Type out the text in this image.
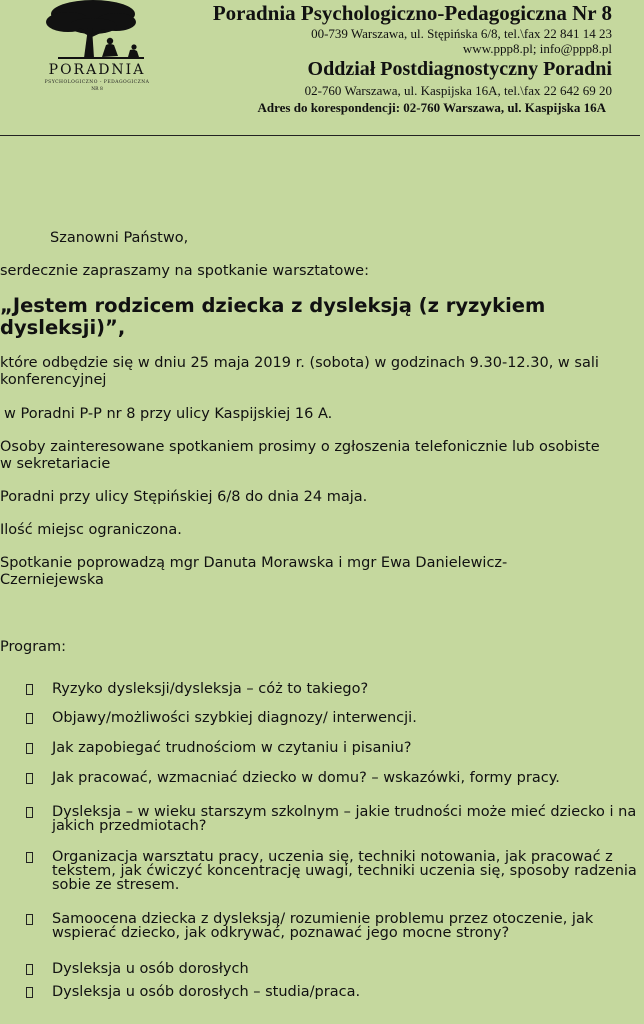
PORADNIA
PSYCHOLOGICZNO - PEDAGOGICZNA
NR 8
Poradnia Psychologiczno-Pedagogiczna Nr 8
00-739 Warszawa, ul. Stępińska 6/8, tel.\fax 22 841 14 23
www.ppp8.pl; info@ppp8.pl
Oddział Postdiagnostyczny Poradni
02-760 Warszawa, ul. Kaspijska 16A, tel.\fax 22 642 69 20
Adres do korespondencji: 02-760 Warszawa, ul. Kaspijska 16A
Szanowni Państwo,
serdecznie zapraszamy na spotkanie warsztatowe:
„Jestem rodzicem dziecka z dysleksją (z ryzykiem dysleksji)”,
które odbędzie się w dniu 25 maja 2019 r. (sobota) w godzinach 9.30-12.30, w sali konferencyjnej
w Poradni P-P nr 8 przy ulicy Kaspijskiej 16 A.
Osoby zainteresowane spotkaniem prosimy o zgłoszenia telefonicznie lub osobiste w sekretariacie
Poradni przy ulicy Stępińskiej 6/8 do dnia 24 maja.
Ilość miejsc ograniczona.
Spotkanie poprowadzą mgr Danuta Morawska i mgr Ewa Danielewicz-Czerniejewska
Program:
Ryzyko dysleksji/dysleksja – cóż to takiego?
Objawy/możliwości szybkiej diagnozy/ interwencji.
Jak zapobiegać trudnościom w czytaniu i pisaniu?
Jak pracować, wzmacniać dziecko w domu? – wskazówki, formy pracy.
Dysleksja – w wieku starszym szkolnym – jakie trudności może mieć dziecko i na jakich przedmiotach?
Organizacja warsztatu pracy, uczenia się, techniki notowania, jak pracować z tekstem, jak ćwiczyć koncentrację uwagi, techniki uczenia się, sposoby radzenia sobie ze stresem.
Samoocena dziecka z dysleksją/ rozumienie problemu przez otoczenie, jak wspierać dziecko, jak odkrywać, poznawać jego mocne strony?
Dysleksja u osób dorosłych
Dysleksja u osób dorosłych – studia/praca.
